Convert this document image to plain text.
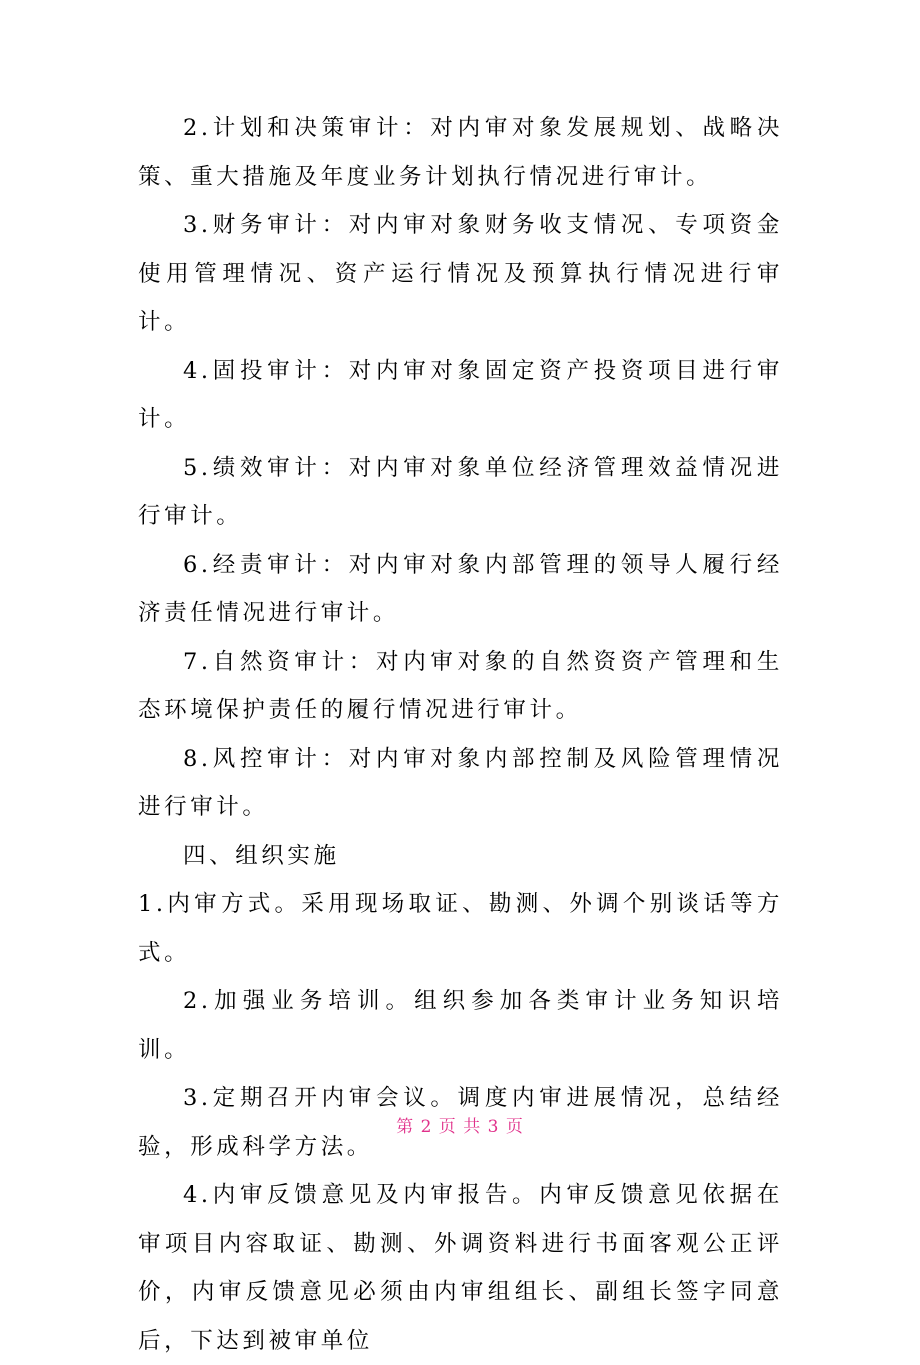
2.计划和决策审计：对内审对象发展规划、战略决策、重大措施及年度业务计划执行情况进行审计。

3.财务审计：对内审对象财务收支情况、专项资金使用管理情况、资产运行情况及预算执行情况进行审计。

4.固投审计：对内审对象固定资产投资项目进行审计。

5.绩效审计：对内审对象单位经济管理效益情况进行审计。

6.经责审计：对内审对象内部管理的领导人履行经济责任情况进行审计。

7.自然资审计：对内审对象的自然资资产管理和生态环境保护责任的履行情况进行审计。

8.风控审计：对内审对象内部控制及风险管理情况进行审计。

四、组织实施

1.内审方式。采用现场取证、勘测、外调个别谈话等方式。

2.加强业务培训。组织参加各类审计业务知识培训。

3.定期召开内审会议。调度内审进展情况，总结经验，形成科学方法。

4.内审反馈意见及内审报告。内审反馈意见依据在审项目内容取证、勘测、外调资料进行书面客观公正评价，内审反馈意见必须由内审组组长、副组长签字同意后，下达到被审单位

第 2 页 共 3 页
